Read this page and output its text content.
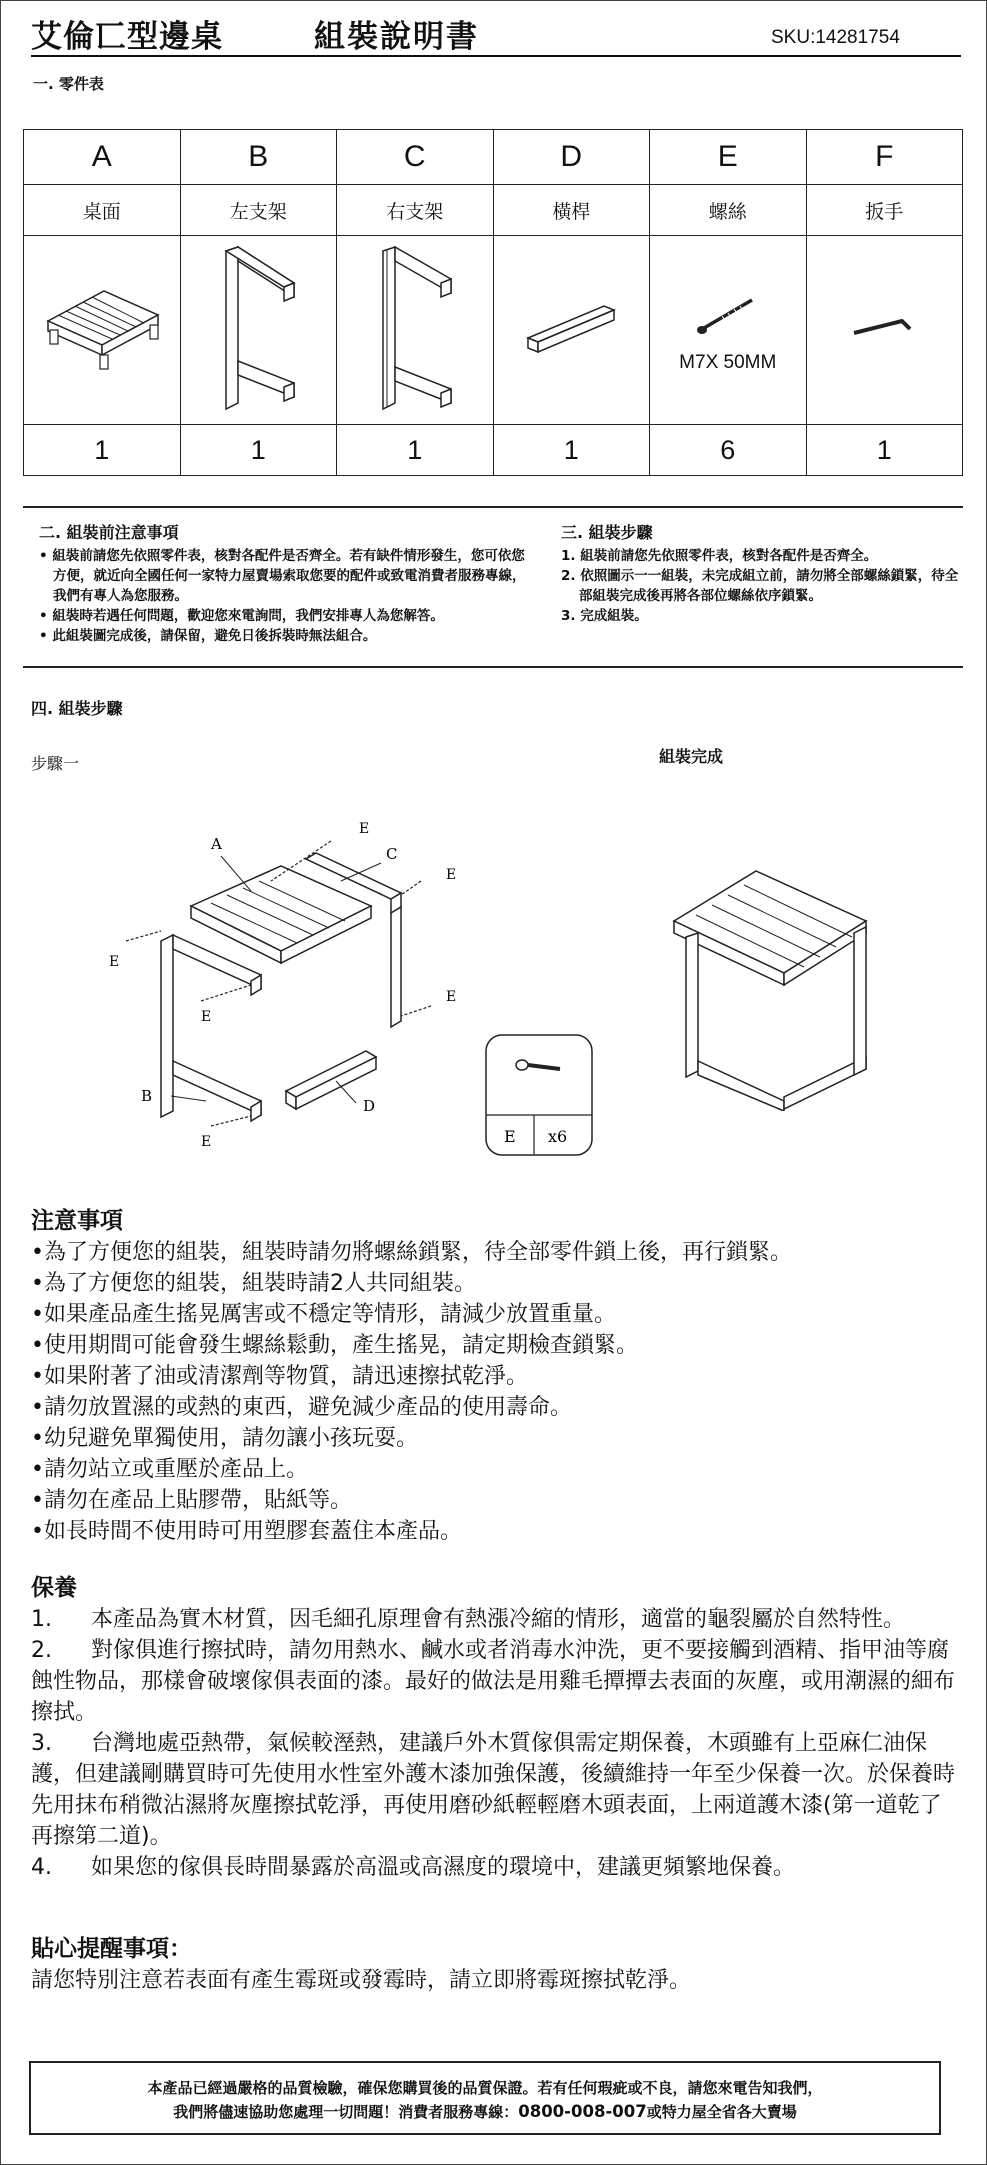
艾倫匸型邊桌	組裝說明書	SKU:14281754
一. 零件表
A	B	C	D	E	F
桌面	左支架	右支架	橫桿	螺絲	扳手

M7X 50MM

1	1	1	1	6	1
二. 組裝前注意事項
• 組裝前請您先依照零件表，核對各配件是否齊全。若有缺件情形發生，您可依您方便，就近向全國任何一家特力屋賣場索取您要的配件或致電消費者服務專線，我們有專人為您服務。
• 組裝時若遇任何問題，歡迎您來電詢問，我們安排專人為您解答。
• 此組裝圖完成後，請保留，避免日後拆裝時無法組合。
三. 組裝步驟
1. 組裝前請您先依照零件表，核對各配件是否齊全。
2. 依照圖示一一組裝，未完成組立前，請勿將全部螺絲鎖緊，待全部組裝完成後再將各部位螺絲依序鎖緊。
3. 完成組裝。
四. 組裝步驟
步驟一	組裝完成
A
C
B
D
E
E
E
E
E
E	E x6
注意事項
•為了方便您的組裝，組裝時請勿將螺絲鎖緊，待全部零件鎖上後，再行鎖緊。
•為了方便您的組裝，組裝時請2人共同組裝。
•如果產品產生搖晃厲害或不穩定等情形，請減少放置重量。
•使用期間可能會發生螺絲鬆動，產生搖晃，請定期檢查鎖緊。
•如果附著了油或清潔劑等物質，請迅速擦拭乾淨。
•請勿放置濕的或熱的東西，避免減少產品的使用壽命。
•幼兒避免單獨使用，請勿讓小孩玩耍。
•請勿站立或重壓於產品上。
•請勿在產品上貼膠帶，貼紙等。
•如長時間不使用時可用塑膠套蓋住本產品。
保養
1. 本產品為實木材質，因毛細孔原理會有熱漲冷縮的情形，適當的龜裂屬於自然特性。
2. 對傢俱進行擦拭時，請勿用熱水、鹹水或者消毒水沖洗，更不要接觸到酒精、指甲油等腐蝕性物品，那樣會破壞傢俱表面的漆。最好的做法是用雞毛撢撢去表面的灰塵，或用潮濕的細布擦拭。
3. 台灣地處亞熱帶，氣候較溼熱，建議戶外木質傢俱需定期保養，木頭雖有上亞麻仁油保護，但建議剛購買時可先使用水性室外護木漆加強保護，後續維持一年至少保養一次。於保養時先用抹布稍微沾濕將灰塵擦拭乾淨，再使用磨砂紙輕輕磨木頭表面，上兩道護木漆(第一道乾了再擦第二道)。
4. 如果您的傢俱長時間暴露於高溫或高濕度的環境中，建議更頻繁地保養。
貼心提醒事項：
請您特別注意若表面有產生霉斑或發霉時，請立即將霉斑擦拭乾淨。
本產品已經過嚴格的品質檢驗，確保您購買後的品質保證。若有任何瑕疵或不良，請您來電告知我們，
我們將儘速協助您處理一切問題！消費者服務專線：0800-008-007或特力屋全省各大賣場
